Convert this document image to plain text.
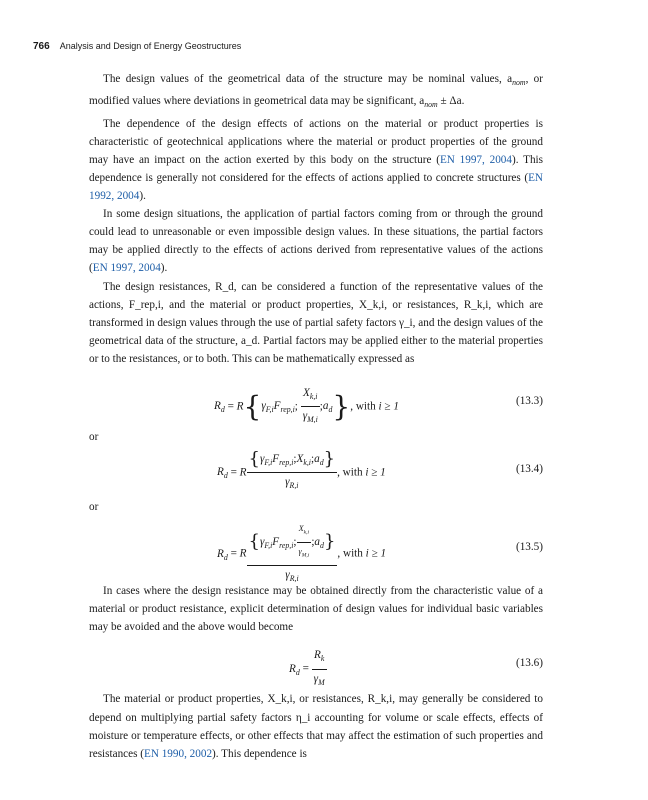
766 Analysis and Design of Energy Geostructures

The design values of the geometrical data of the structure may be nominal values, $a_{nom}$, or modified values where deviations in geometrical data may be significant, $a_{nom} \pm \Delta a$.

The dependence of the design effects of actions on the material or product properties is characteristic of geotechnical applications where the material or product properties of the ground may have an impact on the action exerted by this body on the structure (EN 1997, 2004). This dependence is generally not considered for the effects of actions applied to concrete structures (EN 1992, 2004).

In some design situations, the application of partial factors coming from or through the ground could lead to unreasonable or even impossible design values. In these situations, the partial factors may be applied directly to the effects of actions derived from representative values of the actions (EN 1997, 2004).

The design resistances, R_d, can be considered a function of the representative values of the actions, F_rep,i, and the material or product properties, X_k,i, or resistances, R_k,i, which are transformed in design values through the use of partial safety factors γ_i, and the design values of the geometrical data of the structure, a_d. Partial factors may be applied either to the material properties or to the resistances, or to both. This can be mathematically expressed as

$R_d = R\{\gamma_{F,i}F_{rep,i}$; $\frac{X_{k,i}}{\gamma_{M,i}}$ $;a_d$}, with i ≥ 1	(13.3)

or

$R_d = R \frac{\{\gamma_{F,i}F_{rep,i};X_{k,i};a_d\}}{\gamma_{R,i}}$ , with i ≥ 1	(13.4)

or

$R_d = R \frac{\{\gamma_{F,i}F_{rep,i}; \frac{X_{k,i}}{\gamma_{M,i}} ;a_d\}}{\gamma_{R,i}}$ , with i ≥ 1
(13.5)

In cases where the design resistance may be obtained directly from the characteristic value of a material or product resistance, explicit determination of design values for individual basic variables may be avoided and the above would become

$R_d = \frac{R_k}{\gamma_M}$	(13.6)

The material or product properties, X_k,i, or resistances, R_k,i, may generally be considered to depend on multiplying partial safety factors η_i accounting for volume or scale effects, effects of moisture or temperature effects, or other effects that may affect the estimation of such properties and resistances (EN 1990, 2002). This dependence is
